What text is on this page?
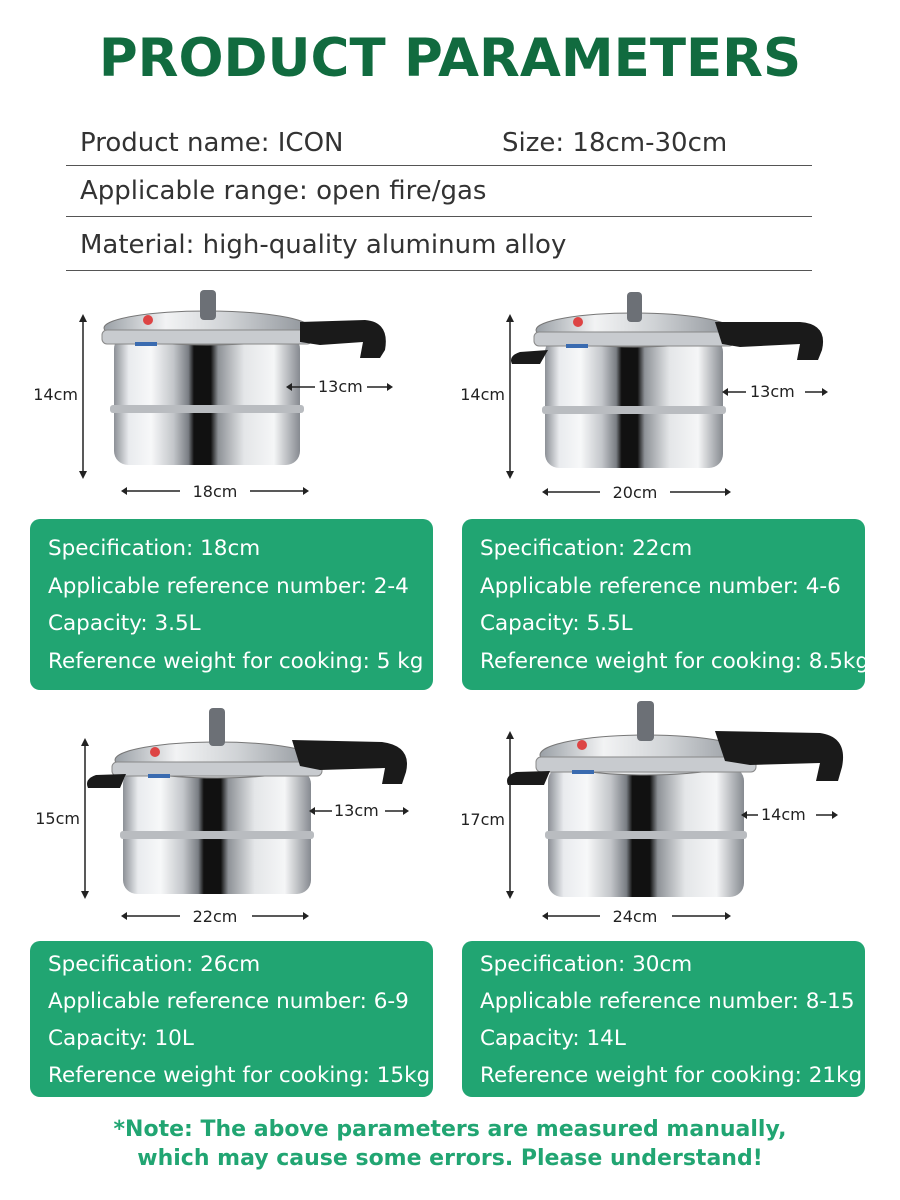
PRODUCT PARAMETERS
Product name: ICON	Size: 18cm-30cm
Applicable range: open fire/gas
Material: high-quality aluminum alloy
13cm
14cm
18cm
13cm
14cm
20cm
13cm
15cm
22cm
14cm
17cm
24cm
Specification: 18cm
Applicable reference number: 2-4
Capacity: 3.5L
Reference weight for cooking: 5 kg
Specification: 22cm
Applicable reference number: 4-6
Capacity: 5.5L
Reference weight for cooking: 8.5kg
Specification: 26cm
Applicable reference number: 6-9
Capacity: 10L
Reference weight for cooking: 15kg
Specification: 30cm
Applicable reference number: 8-15
Capacity: 14L
Reference weight for cooking: 21kg
*Note: The above parameters are measured manually,
which may cause some errors. Please understand!
